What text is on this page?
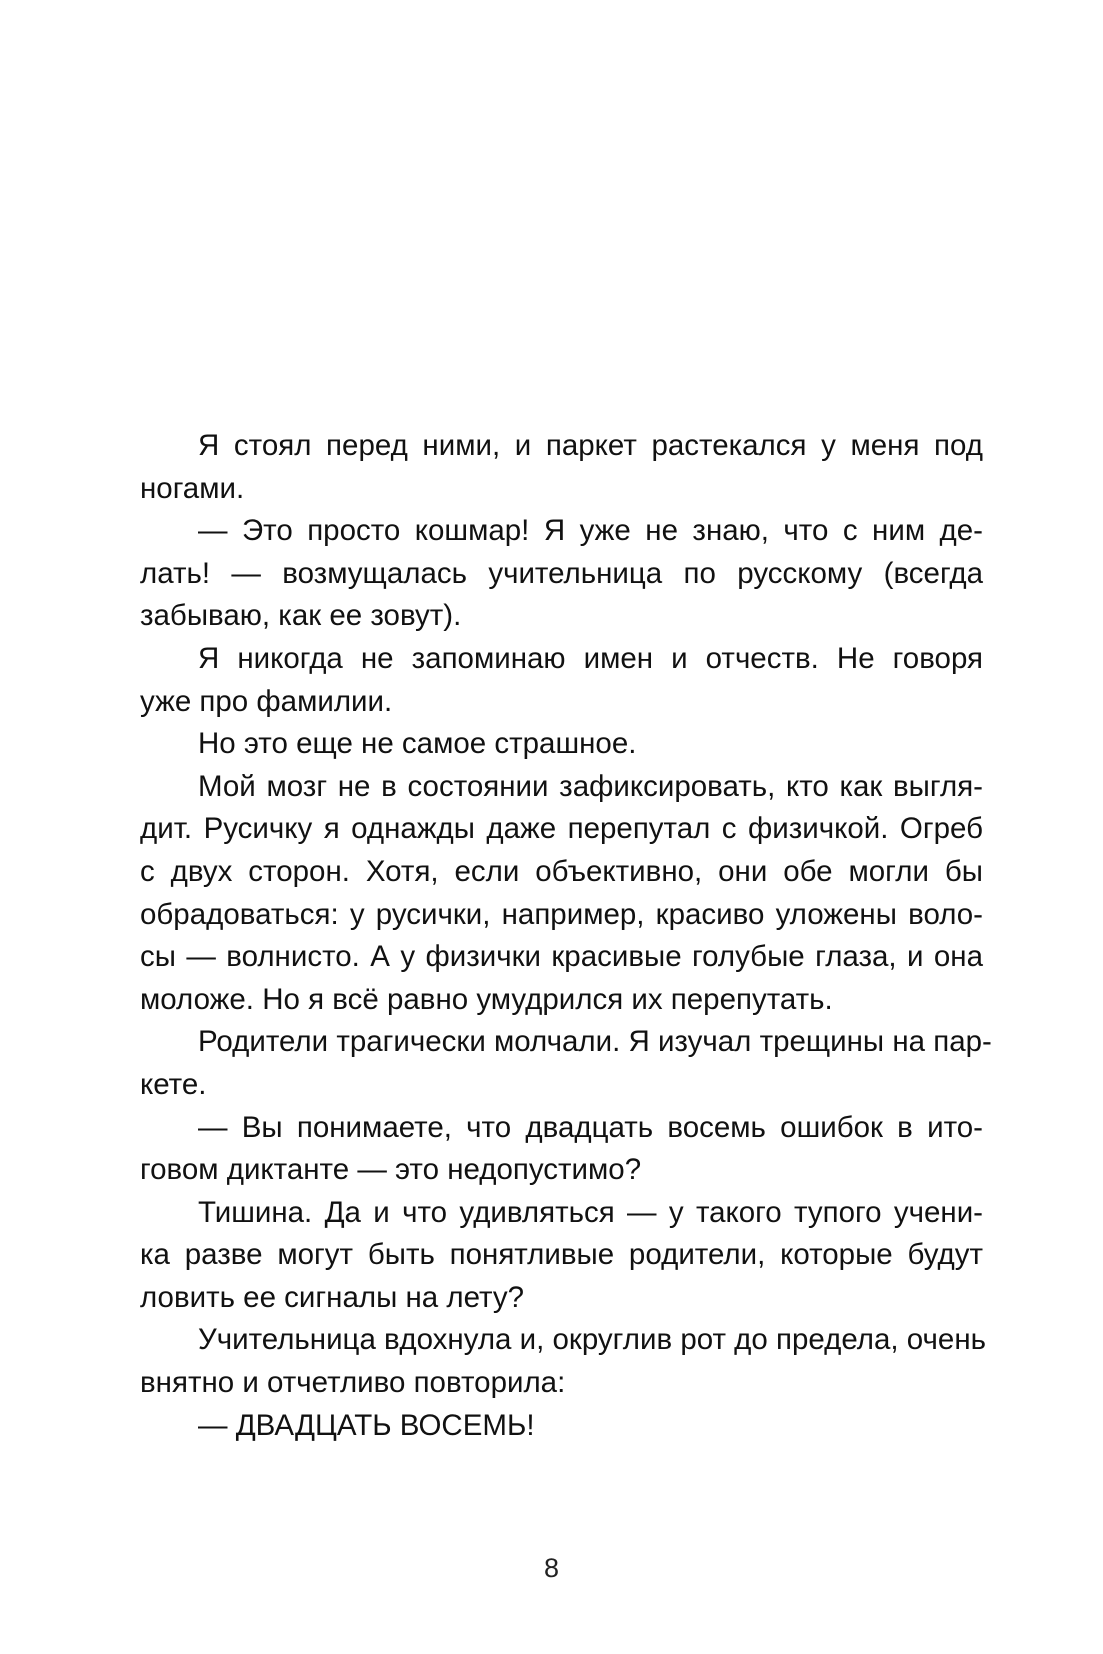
Я стоял перед ними, и паркет растекался у меня под
ногами.
— Это просто кошмар! Я уже не знаю, что с ним де-
лать! — возмущалась учительница по русскому (всегда
забываю, как ее зовут).
Я никогда не запоминаю имен и отчеств. Не говоря
уже про фамилии.
Но это еще не самое страшное.
Мой мозг не в состоянии зафиксировать, кто как выгля-
дит. Русичку я однажды даже перепутал с физичкой. Огреб
с двух сторон. Хотя, если объективно, они обе могли бы
обрадоваться: у русички, например, красиво уложены воло-
сы — волнисто. А у физички красивые голубые глаза, и она
моложе. Но я всё равно умудрился их перепутать.
Родители трагически молчали. Я изучал трещины на пар-
кете.
— Вы понимаете, что двадцать восемь ошибок в ито-
говом диктанте — это недопустимо?
Тишина. Да и что удивляться — у такого тупого учени-
ка разве могут быть понятливые родители, которые будут
ловить ее сигналы на лету?
Учительница вдохнула и, округлив рот до предела, очень
внятно и отчетливо повторила:
— ДВАДЦАТЬ ВОСЕМЬ!
8
